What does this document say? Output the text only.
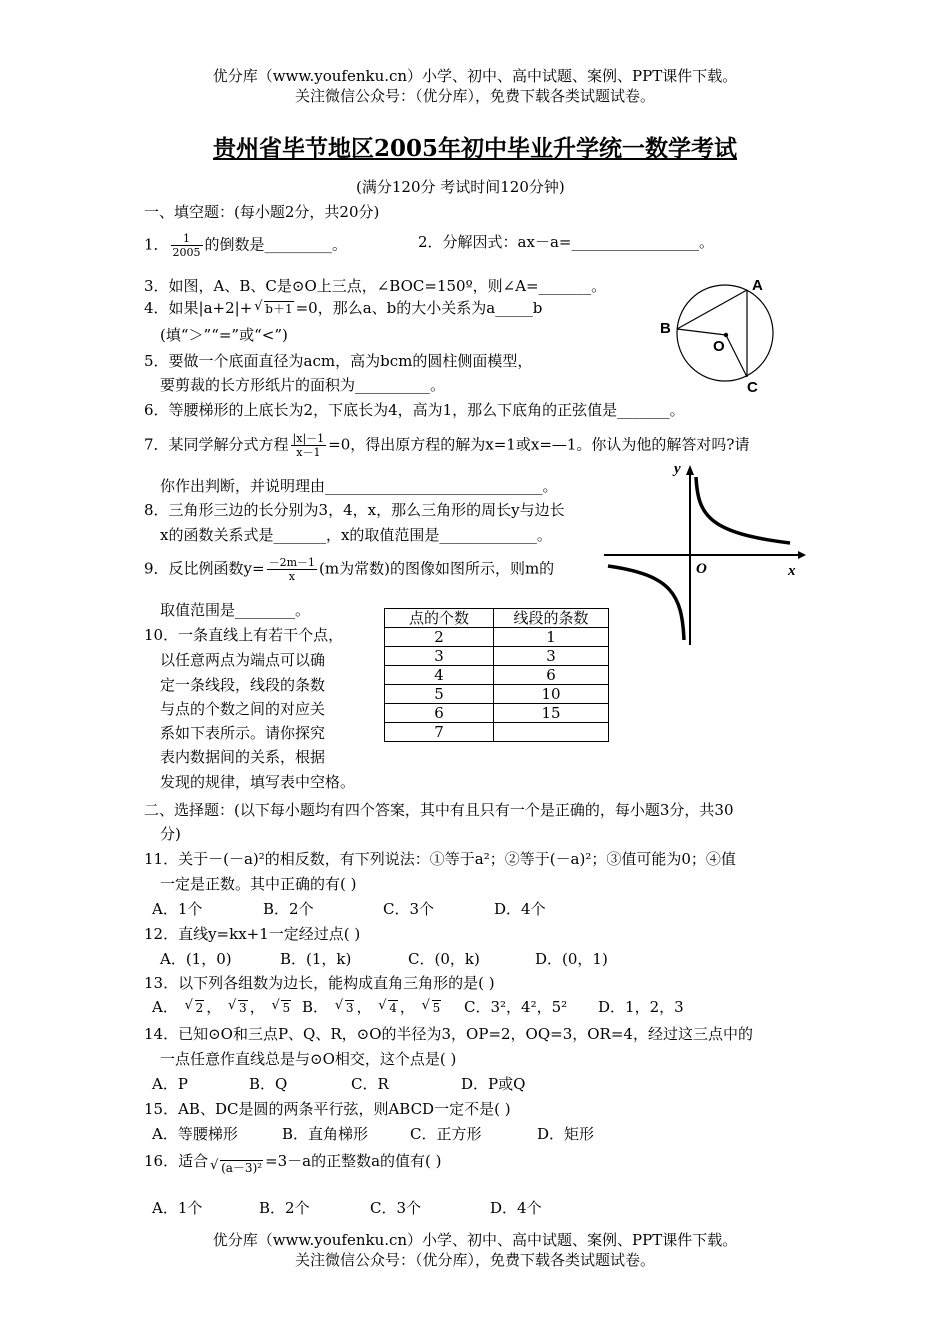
优分库（www.youfenku.cn）小学、初中、高中试题、案例、PPT课件下载。
关注微信公众号：（优分库），免费下载各类试题试卷。
贵州省毕节地区2005年初中毕业升学统一数学考试
(满分120分 考试时间120分钟)
一、填空题：(每小题2分，共20分)
1． $\frac{1}{2005}$ 的倒数是_________。	2．分解因式：ax－a=_________________。
3．如图，A、B、C是⊙O上三点，∠BOC=150º，则∠A=_______。
4．如果|a+2|+ √ b＋1 =0，那么a、b的大小关系为a_____b
(填“＞”“=”或“<”)
5．要做一个底面直径为acm，高为bcm的圆柱侧面模型，
要剪裁的长方形纸片的面积为__________。
A
B
O
C
6．等腰梯形的上底长为2，下底长为4，高为1，那么下底角的正弦值是_______。
7．某同学解分式方程 $\frac{|x|-1}{x-1} =0$，得出原方程的解为x=1或x=—1。你认为他的解答对吗?请
你作出判断，并说明理由_____________________________。
8．三角形三边的长分别为3，4，x，那么三角形的周长y与边长
x的函数关系式是_______，x的取值范围是_____________。
9．反比例函数$y= \frac{-2m-1}{x} (m$为常数)的图像如图所示，则m的
取值范围是________。
y
O	x
10．一条直线上有若干个点，
以任意两点为端点可以确
定一条线段，线段的条数
与点的个数之间的对应关
系如下表所示。请你探究
表内数据间的关系，根据
发现的规律，填写表中空格。
点的个数	线段的条数
2	1
3	3
4	6
5	10
6	15
7	
二、选择题：(以下每小题均有四个答案，其中有且只有一个是正确的，每小题3分，共30
分)
11．关于－(－a)²的相反数，有下列说法：①等于a²；②等于(－a)²；③值可能为0；④值
一定是正数。其中正确的有( )
A．1个	B．2个	C．3个	D．4个
12．直线y=kx+1一定经过点( )
A．(1，0)	B．(1，k)	C．(0，k)	D．(0，1)
13．以下列各组数为边长，能构成直角三角形的是( )
A． √ 2 ， √ 3 ， √ 5 B． √ 3 ， √ 4 ， √ 5 C．3²，4²，5² D．1，2，3
14．已知⊙O和三点P、Q、R，⊙O的半径为3，OP=2，OQ=3，OR=4，经过这三点中的
一点任意作直线总是与⊙O相交，这个点是( )
A．P	B．Q	C．R	D．P或Q
15．AB、DC是圆的两条平行弦，则ABCD一定不是( )
A．等腰梯形	B．直角梯形	C．正方形	D．矩形
16．适合 √ (a－3)² =3－a的正整数a的值有( )
A．1个	B．2个	C．3个	D．4个
优分库（www.youfenku.cn）小学、初中、高中试题、案例、PPT课件下载。
关注微信公众号：（优分库），免费下载各类试题试卷。
